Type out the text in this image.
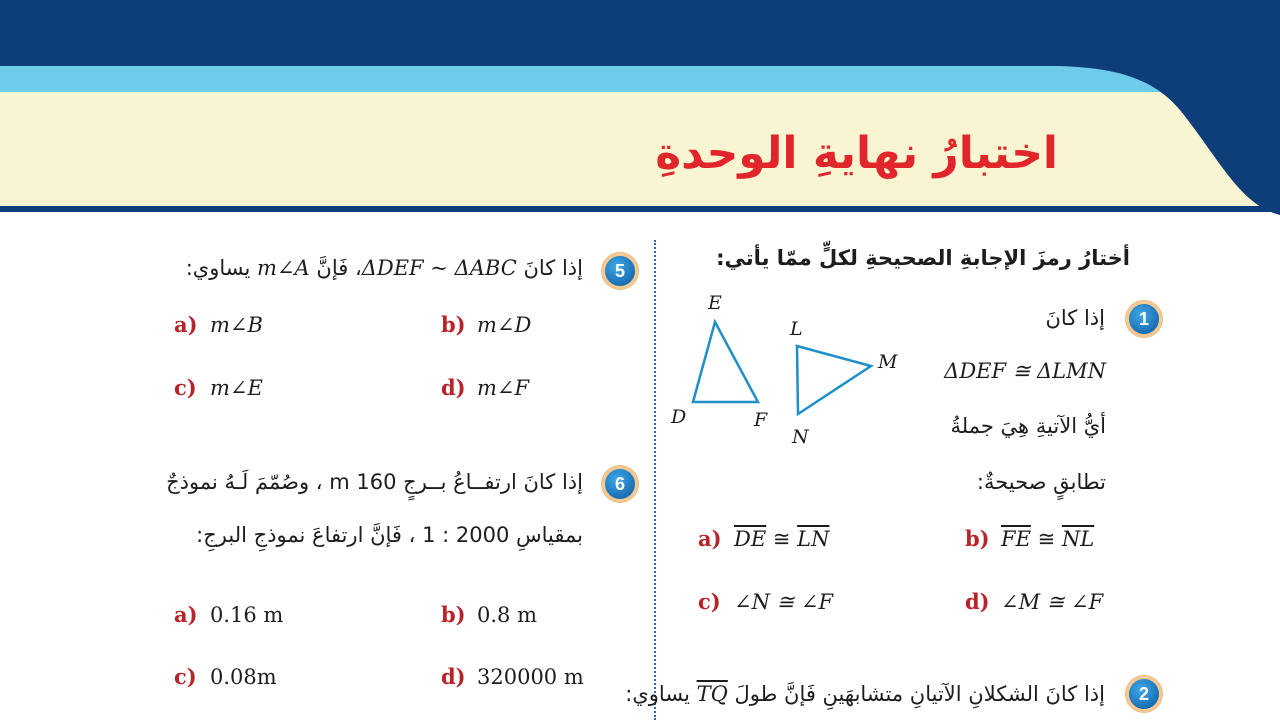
اختبارُ نهايةِ الوحدةِ

أختارُ رمزَ الإجابةِ الصحيحةِ لكلٍّ ممّا يأتي:

1

إذا كانَ

ΔDEF ≅ ΔLMN

أيُّ الآتيةِ هِيَ جملةُ

تطابقٍ صحيحةٌ:

E
D	F
L
M
N
a) $\overline{DE}$ ≅ $\overline{LN}$	b) $\overline{FE}$ ≅ $\overline{NL}$
c) ∠N ≅ ∠F	d) ∠M ≅ ∠F
2

إذا كانَ الشكلانِ الآتيانِ متشابهَينِ فَإنَّ طولَ $\overline{TQ}$ يساوي:

5

إذا كانَ ΔDEF ~ ΔABC، فَإنَّ m∠A يساوي:

a) m∠B	b) m∠D
c) m∠E	d) m∠F
6

إذا كانَ ارتفــاعُ بــرجٍ 160 m ، وصُمّمَ لَـهُ نموذجٌ

بمقياسِ 2000 : 1 ، فَإنَّ ارتفاعَ نموذجِ البرجِ:

a) 0.16 m	b) 0.8 m
c) 0.08m	d) 320000 m
